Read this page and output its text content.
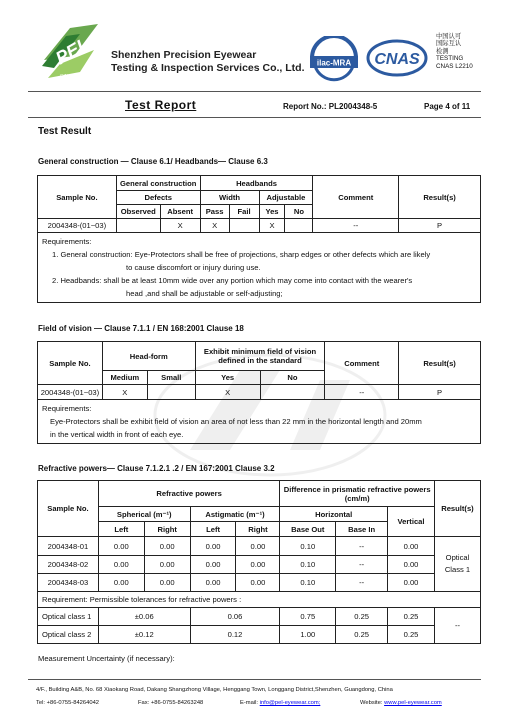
PEL
SINCE 2002
Shenzhen Precision Eyewear
Testing & Inspection Services Co., Ltd. ilac-MRA CNAS
中国认可
国际互认
检测
TESTING
CNAS L2210
Test Report	Report No.: PL2004348-5	Page 4 of 11
Test Result
General construction — Clause 6.1/ Headbands— Clause 6.3
Sample No.	General construction		Headbands				Comment	Result(s)
	Defects		Width		Adjustable			
	Observed	Absent	Pass	Fail	Yes	No		
2004348-(01~03)		X	X		X		--	P

Requirements:
1. General construction: Eye-Protectors shall be free of projections, sharp edges or other defects which are likely
to cause discomfort or injury during use.
2. Headbands: shall be at least 10mm wide over any portion which may come into contact with the wearer's
head ,and shall be adjustable or self-adjusting;								
Field of vision — Clause 7.1.1 / EN 168:2001 Clause 18
Sample No.	Head-form		Exhibit minimum field of vision defined in the standard		Comment	Result(s)
	Medium	Small	Yes	No		
2004348-(01~03)	X		X		--	P

Requirements:
Eye-Protectors shall be exhibit field of vision an area of not less than 22 mm in the horizontal length and 20mm
in the vertical width in front of each eye.						
Refractive powers— Clause 7.1.2.1 .2 / EN 167:2001 Clause 3.2
Sample No.	Refractive powers				Difference in prismatic refractive powers (cm/m)			Result(s)
	Spherical (m⁻¹)		Astigmatic (m⁻¹)		Horizontal		Vertical	
	Left	Right	Left	Right	Base Out	Base In		
2004348-01	0.00	0.00	0.00	0.00	0.10	--	0.00	Optical Class 1
2004348-02	0.00	0.00	0.00	0.00	0.10	--	0.00	
2004348-03	0.00	0.00	0.00	0.00	0.10	--	0.00	
Requirement: Permissible tolerances for refractive powers :								
Optical class 1	±0.06		0.06		0.75	0.25	0.25	--
Optical class 2	±0.12		0.12		1.00	0.25	0.25	
Measurement Uncertainty (if necessary):
4/F., Building A&B, No. 68 Xiaokang Road, Dakang Shangzhong Village, Henggang Town, Longgang District,Shenzhen, Guangdong, China
Tel: +86-0755-84264042	Fax: +86-0755-84263248	E-mail: info@pel-eyewear.com;	Website: www.pel-eyewear.com
